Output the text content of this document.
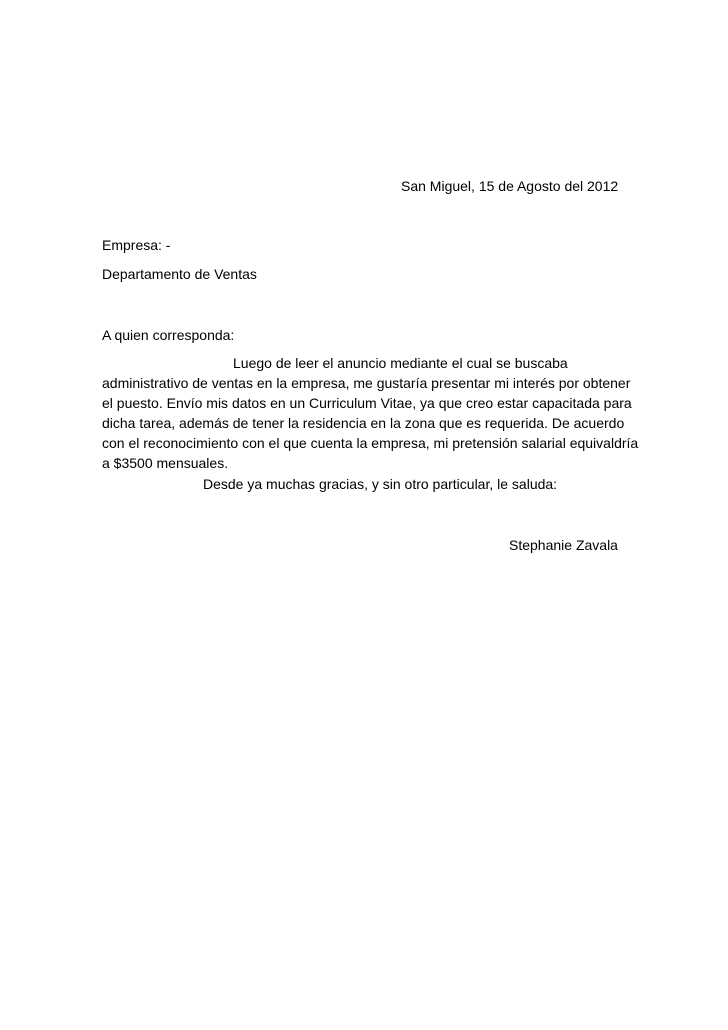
San Miguel, 15 de Agosto del 2012
Empresa: -
Departamento de Ventas
A quien corresponda:
Luego de leer el anuncio mediante el cual se buscaba
administrativo de ventas en la empresa, me gustaría presentar mi interés por obtener
el puesto. Envío mis datos en un Curriculum Vitae, ya que creo estar capacitada para
dicha tarea, además de tener la residencia en la zona que es requerida. De acuerdo
con el reconocimiento con el que cuenta la empresa, mi pretensión salarial equivaldría
a $3500 mensuales.
Desde ya muchas gracias, y sin otro particular, le saluda:
Stephanie Zavala
